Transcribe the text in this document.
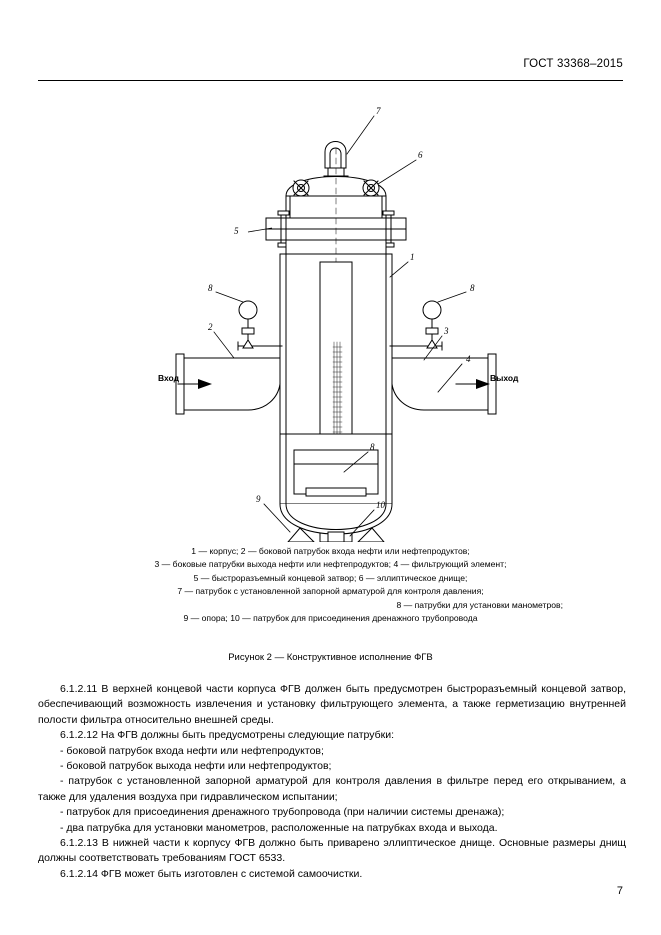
ГОСТ 33368–2015
7
6
1
8	8
2	3
4
8
10
9
Вход	Выход
5
1 — корпус; 2 — боковой патрубок входа нефти или нефтепродуктов;
3 — боковые патрубки выхода нефти или нефтепродуктов; 4 — фильтрующий элемент;
5 — быстроразъемный концевой затвор; 6 — эллиптическое днище;
7 — патрубок с установленной запорной арматурой для контроля давления;
8 — патрубки для установки манометров;
9 — опора; 10 — патрубок для присоединения дренажного трубопровода
Рисунок 2 — Конструктивное исполнение ФГВ

6.1.2.11 В верхней концевой части корпуса ФГВ должен быть предусмотрен быстроразъемный концевой затвор, обеспечивающий возможность извлечения и установку фильтрующего элемента, а также герметизацию внутренней полости фильтра относительно внешней среды.

6.1.2.12 На ФГВ должны быть предусмотрены следующие патрубки:

- боковой патрубок входа нефти или нефтепродуктов;

- боковой патрубок выхода нефти или нефтепродуктов;

- патрубок с установленной запорной арматурой для контроля давления в фильтре перед его открыванием, а также для удаления воздуха при гидравлическом испытании;

- патрубок для присоединения дренажного трубопровода (при наличии системы дренажа);

- два патрубка для установки манометров, расположенные на патрубках входа и выхода.

6.1.2.13 В нижней части к корпусу ФГВ должно быть приварено эллиптическое днище. Основные размеры днищ должны соответствовать требованиям ГОСТ 6533.

6.1.2.14 ФГВ может быть изготовлен с системой самоочистки.

7
